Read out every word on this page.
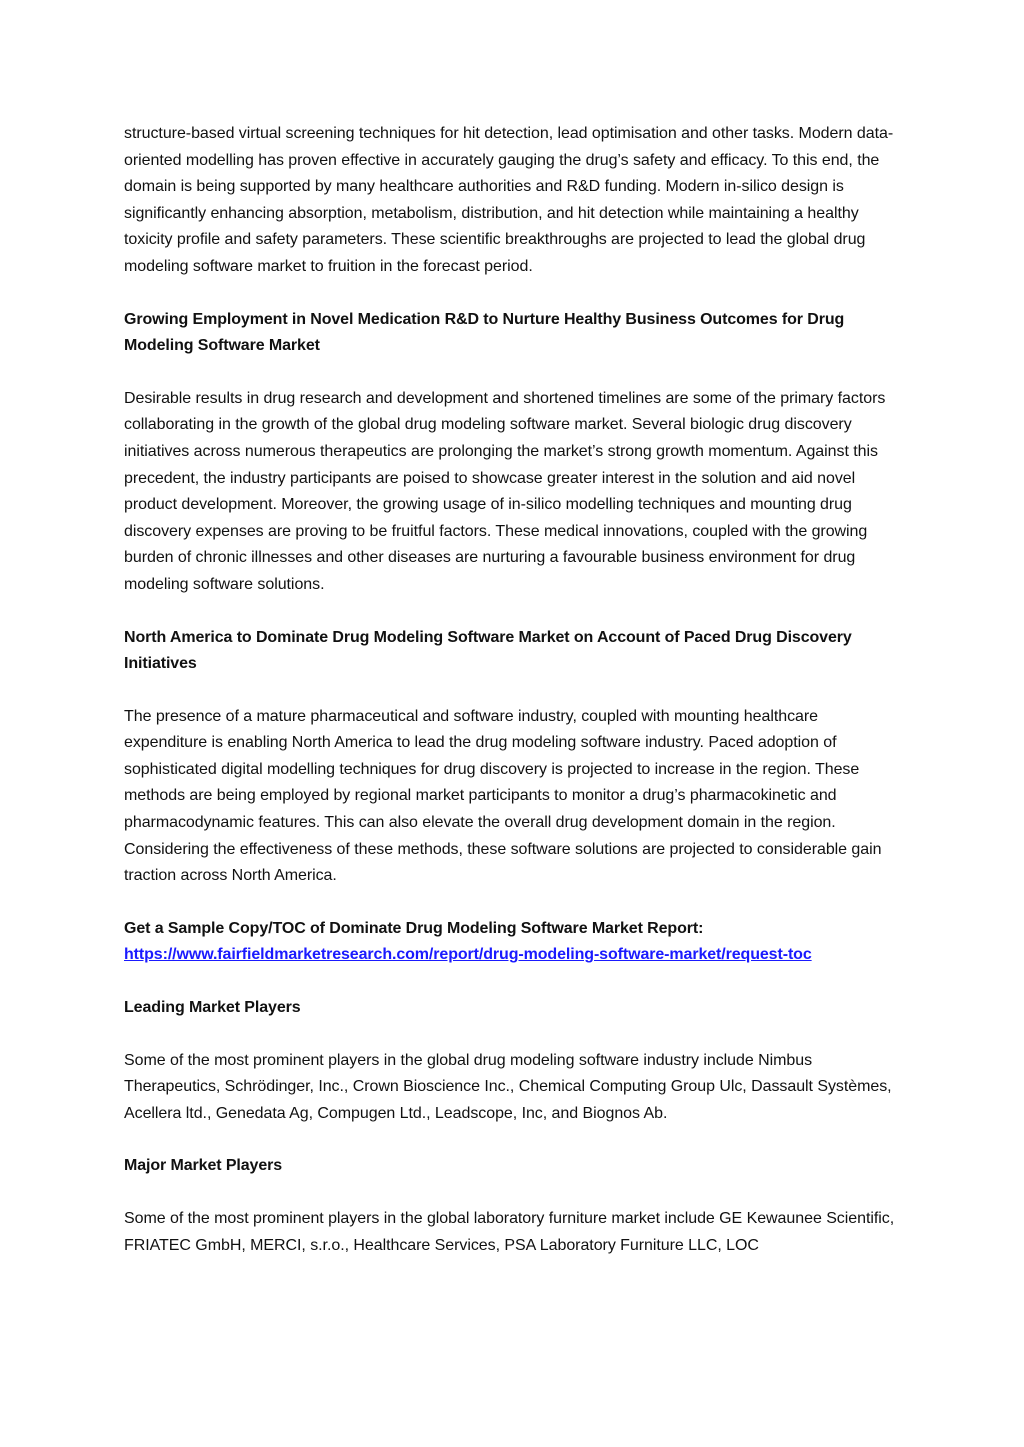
structure-based virtual screening techniques for hit detection, lead optimisation and other tasks. Modern data-oriented modelling has proven effective in accurately gauging the drug’s safety and efficacy. To this end, the domain is being supported by many healthcare authorities and R&D funding. Modern in-silico design is significantly enhancing absorption, metabolism, distribution, and hit detection while maintaining a healthy toxicity profile and safety parameters. These scientific breakthroughs are projected to lead the global drug modeling software market to fruition in the forecast period.

Growing Employment in Novel Medication R&D to Nurture Healthy Business Outcomes for Drug Modeling Software Market

Desirable results in drug research and development and shortened timelines are some of the primary factors collaborating in the growth of the global drug modeling software market. Several biologic drug discovery initiatives across numerous therapeutics are prolonging the market’s strong growth momentum. Against this precedent, the industry participants are poised to showcase greater interest in the solution and aid novel product development. Moreover, the growing usage of in-silico modelling techniques and mounting drug discovery expenses are proving to be fruitful factors. These medical innovations, coupled with the growing burden of chronic illnesses and other diseases are nurturing a favourable business environment for drug modeling software solutions.

North America to Dominate Drug Modeling Software Market on Account of Paced Drug Discovery Initiatives

The presence of a mature pharmaceutical and software industry, coupled with mounting healthcare expenditure is enabling North America to lead the drug modeling software industry. Paced adoption of sophisticated digital modelling techniques for drug discovery is projected to increase in the region. These methods are being employed by regional market participants to monitor a drug’s pharmacokinetic and pharmacodynamic features. This can also elevate the overall drug development domain in the region. Considering the effectiveness of these methods, these software solutions are projected to considerable gain traction across North America.

Get a Sample Copy/TOC of Dominate Drug Modeling Software Market Report:
https://www.fairfieldmarketresearch.com/report/drug-modeling-software-market/request-toc

Leading Market Players

Some of the most prominent players in the global drug modeling software industry include Nimbus Therapeutics, Schrödinger, Inc., Crown Bioscience Inc., Chemical Computing Group Ulc, Dassault Systèmes, Acellera ltd., Genedata Ag, Compugen Ltd., Leadscope, Inc, and Biognos Ab.

Major Market Players

Some of the most prominent players in the global laboratory furniture market include GE Kewaunee Scientific, FRIATEC GmbH, MERCI, s.r.o., Healthcare Services, PSA Laboratory Furniture LLC, LOC
